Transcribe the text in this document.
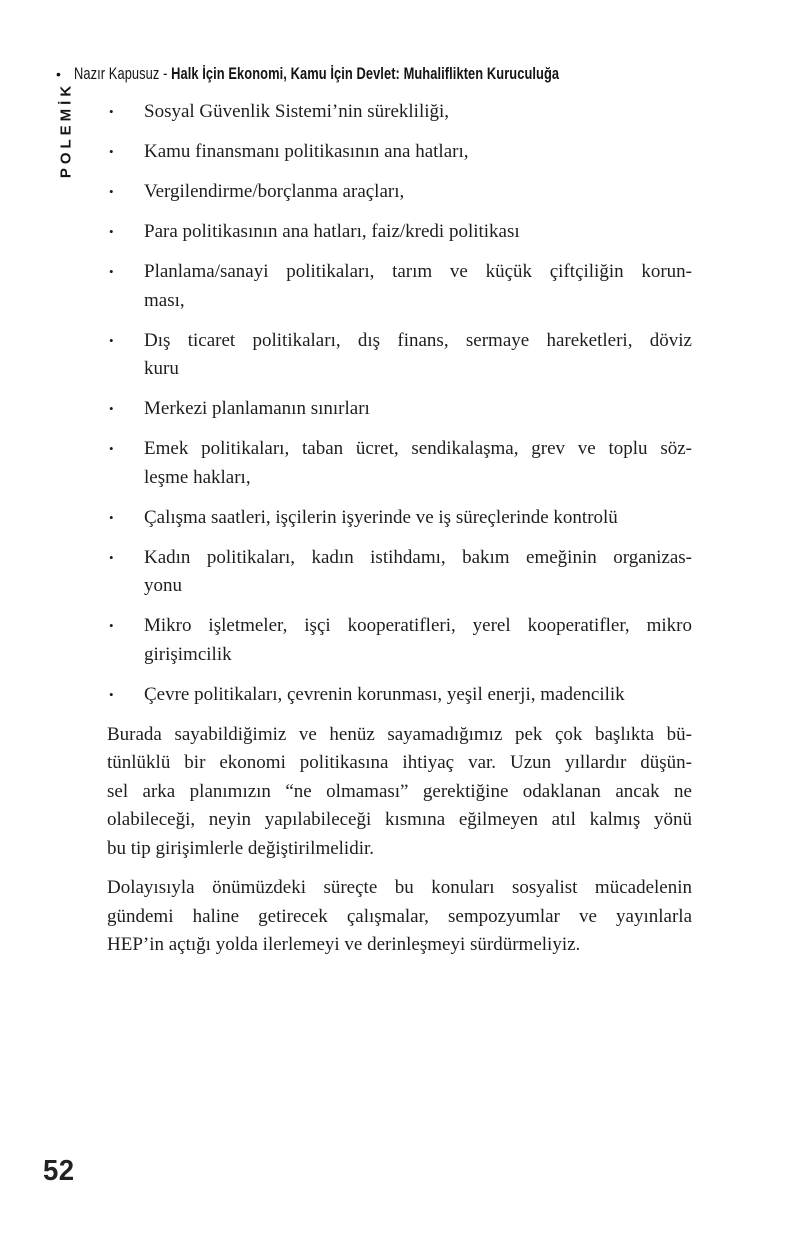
• Nazır Kapusuz - Halk İçin Ekonomi, Kamu İçin Devlet: Muhaliflikten Kuruculuğa
POLEMİK	• Sosyal Güvenlik Sistemi’nin sürekliliği,
• Kamu finansmanı politikasının ana hatları,
• Vergilendirme/borçlanma araçları,
• Para politikasının ana hatları, faiz/kredi politikası
• Planlama/sanayi politikaları, tarım ve küçük çiftçiliğin korun-
ması,
• Dış ticaret politikaları, dış finans, sermaye hareketleri, döviz
kuru
• Merkezi planlamanın sınırları
• Emek politikaları, taban ücret, sendikalaşma, grev ve toplu söz-
leşme hakları,
• Çalışma saatleri, işçilerin işyerinde ve iş süreçlerinde kontrolü
• Kadın politikaları, kadın istihdamı, bakım emeğinin organizas-
yonu
• Mikro işletmeler, işçi kooperatifleri, yerel kooperatifler, mikro
girişimcilik
• Çevre politikaları, çevrenin korunması, yeşil enerji, madencilik
Burada sayabildiğimiz ve henüz sayamadığımız pek çok başlıkta bü-
tünlüklü bir ekonomi politikasına ihtiyaç var. Uzun yıllardır düşün-
sel arka planımızın “ne olmaması” gerektiğine odaklanan ancak ne
olabileceği, neyin yapılabileceği kısmına eğilmeyen atıl kalmış yönü
bu tip girişimlerle değiştirilmelidir.
Dolayısıyla önümüzdeki süreçte bu konuları sosyalist mücadelenin
gündemi haline getirecek çalışmalar, sempozyumlar ve yayınlarla
HEP’in açtığı yolda ilerlemeyi ve derinleşmeyi sürdürmeliyiz.
52
